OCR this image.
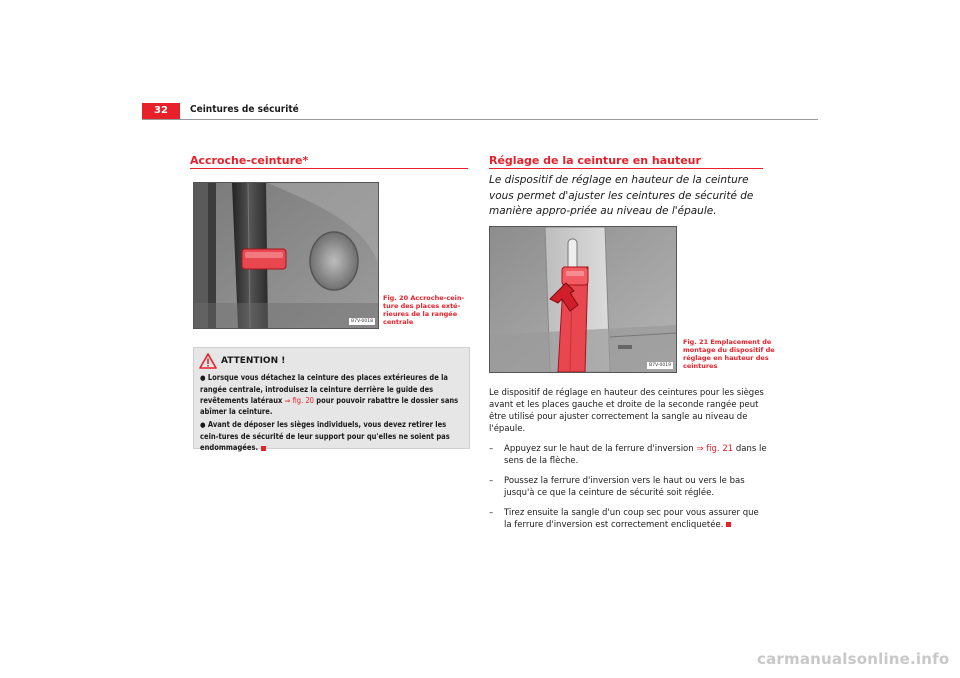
32	Ceintures de sécurité
Accroche-ceinture*
B7V-0018
Fig. 20 Accroche-cein-
ture des places exté-
rieures de la rangée
centrale
ATTENTION !
● Lorsque vous détachez la ceinture des places extérieures de la rangée centrale, introduisez la ceinture derrière le guide des revêtements latéraux ⇒ fig. 20 pour pouvoir rabattre le dossier sans abîmer la ceinture.
● Avant de déposer les sièges individuels, vous devez retirer les cein-tures de sécurité de leur support pour qu'elles ne soient pas endommagées.
Réglage de la ceinture en hauteur
Le dispositif de réglage en hauteur de la ceinture vous permet d'ajuster les ceintures de sécurité de manière appro-priée au niveau de l'épaule.
B7V-0019
Fig. 21 Emplacement de
montage du dispositif de
réglage en hauteur des
ceintures
Le dispositif de réglage en hauteur des ceintures pour les sièges avant et les places gauche et droite de la seconde rangée peut être utilisé pour ajuster correctement la sangle au niveau de l'épaule.
– Appuyez sur le haut de la ferrure d'inversion ⇒ fig. 21 dans le sens de la flèche.
– Poussez la ferrure d'inversion vers le haut ou vers le bas jusqu'à ce que la ceinture de sécurité soit réglée.
– Tirez ensuite la sangle d'un coup sec pour vous assurer que la ferrure d'inversion est correctement encliquetée.
carmanualsonline.info
